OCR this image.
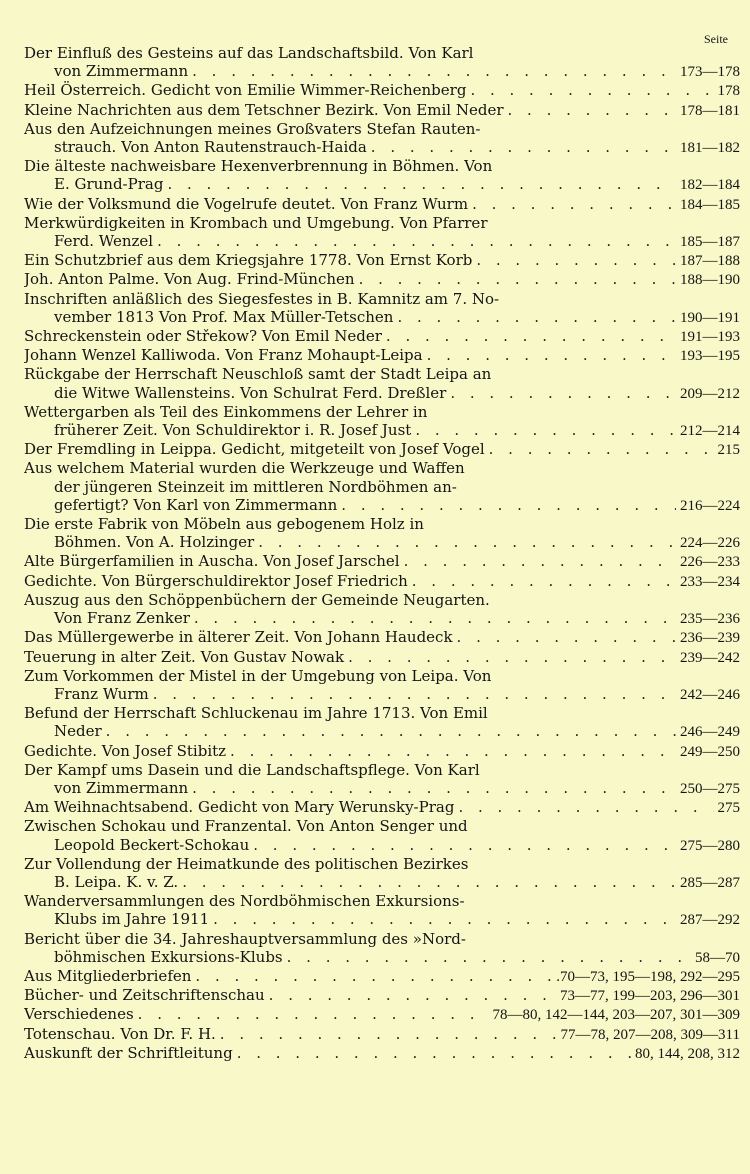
Seite
Der Einfluß des Gesteins auf das Landschaftsbild. Von Karl
von Zimmermann . . .	173—178
Heil Österreich. Gedicht von Emilie Wimmer-Reichenberg . . .	178
Kleine Nachrichten aus dem Tetschner Bezirk. Von Emil Neder . . .	178—181
Aus den Aufzeichnungen meines Großvaters Stefan Rauten-
strauch. Von Anton Rautenstrauch-Haida . . .	181—182
Die älteste nachweisbare Hexenverbrennung in Böhmen. Von
E. Grund-Prag . . .	182—184
Wie der Volksmund die Vogelrufe deutet. Von Franz Wurm . . .	184—185
Merkwürdigkeiten in Krombach und Umgebung. Von Pfarrer
Ferd. Wenzel . . .	185—187
Ein Schutzbrief aus dem Kriegsjahre 1778. Von Ernst Korb . . .	187—188
Joh. Anton Palme. Von Aug. Frind-München . . .	188—190
Inschriften anläßlich des Siegesfestes in B. Kamnitz am 7. No-
vember 1813 Von Prof. Max Müller-Tetschen . . .	190—191
Schreckenstein oder Střekow? Von Emil Neder . . .	191—193
Johann Wenzel Kalliwoda. Von Franz Mohaupt-Leipa . . .	193—195
Rückgabe der Herrschaft Neuschloß samt der Stadt Leipa an
die Witwe Wallensteins. Von Schulrat Ferd. Dreßler . . .	209—212
Wettergarben als Teil des Einkommens der Lehrer in
früherer Zeit. Von Schuldirektor i. R. Josef Just . . .	212—214
Der Fremdling in Leippa. Gedicht, mitgeteilt von Josef Vogel . . .	215
Aus welchem Material wurden die Werkzeuge und Waffen
der jüngeren Steinzeit im mittleren Nordböhmen an-
gefertigt? Von Karl von Zimmermann . . .	216—224
Die erste Fabrik von Möbeln aus gebogenem Holz in
Böhmen. Von A. Holzinger . . .	224—226
Alte Bürgerfamilien in Auscha. Von Josef Jarschel . . .	226—233
Gedichte. Von Bürgerschuldirektor Josef Friedrich . . .	233—234
Auszug aus den Schöppenbüchern der Gemeinde Neugarten.
Von Franz Zenker . . .	235—236
Das Müllergewerbe in älterer Zeit. Von Johann Haudeck . . .	236—239
Teuerung in alter Zeit. Von Gustav Nowak . . .	239—242
Zum Vorkommen der Mistel in der Umgebung von Leipa. Von
Franz Wurm . . .	242—246
Befund der Herrschaft Schluckenau im Jahre 1713. Von Emil
Neder . . .	246—249
Gedichte. Von Josef Stibitz . . .	249—250
Der Kampf ums Dasein und die Landschaftspflege. Von Karl
von Zimmermann . . .	250—275
Am Weihnachtsabend. Gedicht von Mary Werunsky-Prag . . .	275
Zwischen Schokau und Franzental. Von Anton Senger und
Leopold Beckert-Schokau . . .	275—280
Zur Vollendung der Heimatkunde des politischen Bezirkes
B. Leipa. K. v. Z. . . .	285—287
Wanderversammlungen des Nordböhmischen Exkursions-
Klubs im Jahre 1911 . . .	287—292
Bericht über die 34. Jahreshauptversammlung des »Nord-
böhmischen Exkursions-Klubs . . .	58—70
Aus Mitgliederbriefen . . .	.70—73, 195—198, 292—295
Bücher- und Zeitschriftenschau . . .	73—77, 199—203, 296—301
Verschiedenes . . .	78—80, 142—144, 203—207, 301—309
Totenschau. Von Dr. F. H. . . .	77—78, 207—208, 309—311
Auskunft der Schriftleitung . . .	80, 144, 208, 312
